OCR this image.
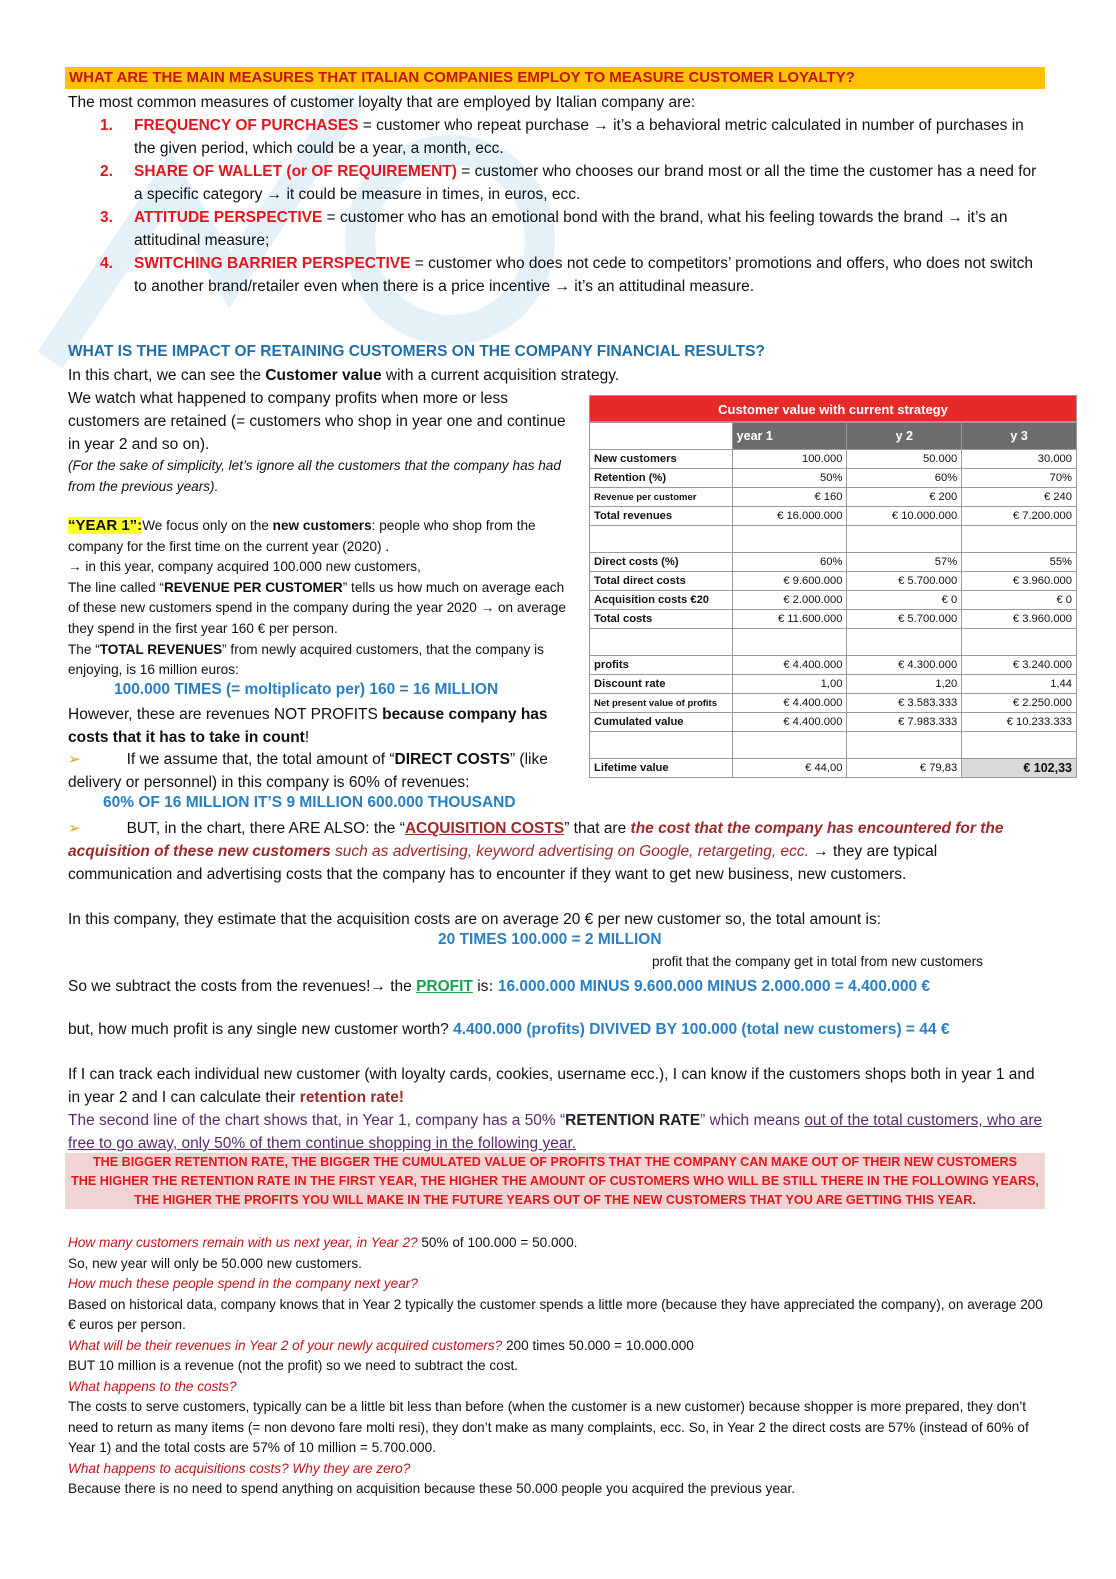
WHAT ARE THE MAIN MEASURES THAT ITALIAN COMPANIES EMPLOY TO MEASURE CUSTOMER LOYALTY?
The most common measures of customer loyalty that are employed by Italian company are:
1. FREQUENCY OF PURCHASES = customer who repeat purchase → it’s a behavioral metric calculated in number of purchases in the given period, which could be a year, a month, ecc.
2. SHARE OF WALLET (or OF REQUIREMENT) = customer who chooses our brand most or all the time the customer has a need for a specific category → it could be measure in times, in euros, ecc.
3. ATTITUDE PERSPECTIVE = customer who has an emotional bond with the brand, what his feeling towards the brand → it’s an attitudinal measure;
4. SWITCHING BARRIER PERSPECTIVE = customer who does not cede to competitors’ promotions and offers, who does not switch to another brand/retailer even when there is a price incentive → it’s an attitudinal measure.
WHAT IS THE IMPACT OF RETAINING CUSTOMERS ON THE COMPANY FINANCIAL RESULTS?
In this chart, we can see the Customer value with a current acquisition strategy.
We watch what happened to company profits when more or less customers are retained (= customers who shop in year one and continue in year 2 and so on).
(For the sake of simplicity, let’s ignore all the customers that the company has had from the previous years).
“YEAR 1”:We focus only on the new customers: people who shop from the company for the first time on the current year (2020) .
→ in this year, company acquired 100.000 new customers,
The line called “REVENUE PER CUSTOMER” tells us how much on average each of these new customers spend in the company during the year 2020 → on average they spend in the first year 160 € per person.
The “TOTAL REVENUES” from newly acquired customers, that the company is enjoying, is 16 million euros:
100.000 TIMES (= moltiplicato per) 160 = 16 MILLION
However, these are revenues NOT PROFITS because company has costs that it has to take in count!
➢	If we assume that, the total amount of “DIRECT COSTS” (like delivery or personnel) in this company is 60% of revenues:
60% OF 16 MILLION IT’S 9 MILLION 600.000 THOUSAND
➢	BUT, in the chart, there ARE ALSO: the “ACQUISITION COSTS” that are the cost that the company has encountered for the acquisition of these new customers such as advertising, keyword advertising on Google, retargeting, ecc. → they are typical communication and advertising costs that the company has to encounter if they want to get new business, new customers.
In this company, they estimate that the acquisition costs are on average 20 € per new customer so, the total amount is:
20 TIMES 100.000 = 2 MILLION
profit that the company get in total from new customers
So we subtract the costs from the revenues!→ the PROFIT is: 16.000.000 MINUS 9.600.000 MINUS 2.000.000 = 4.400.000 €
but, how much profit is any single new customer worth? 4.400.000 (profits) DIVIVED BY 100.000 (total new customers) = 44 €
If I can track each individual new customer (with loyalty cards, cookies, username ecc.), I can know if the customers shops both in year 1 and in year 2 and I can calculate their retention rate!
The second line of the chart shows that, in Year 1, company has a 50% “RETENTION RATE” which means out of the total customers, who are free to go away, only 50% of them continue shopping in the following year.
THE BIGGER RETENTION RATE, THE BIGGER THE CUMULATED VALUE OF PROFITS THAT THE COMPANY CAN MAKE OUT OF THEIR NEW CUSTOMERS
THE HIGHER THE RETENTION RATE IN THE FIRST YEAR, THE HIGHER THE AMOUNT OF CUSTOMERS WHO WILL BE STILL THERE IN THE FOLLOWING YEARS, THE HIGHER THE PROFITS YOU WILL MAKE IN THE FUTURE YEARS OUT OF THE NEW CUSTOMERS THAT YOU ARE GETTING THIS YEAR.
How many customers remain with us next year, in Year 2? 50% of 100.000 = 50.000.
So, new year will only be 50.000 new customers.
How much these people spend in the company next year?
Based on historical data, company knows that in Year 2 typically the customer spends a little more (because they have appreciated the company), on average 200 € euros per person.
What will be their revenues in Year 2 of your newly acquired customers? 200 times 50.000 = 10.000.000
BUT 10 million is a revenue (not the profit) so we need to subtract the cost.
What happens to the costs?
The costs to serve customers, typically can be a little bit less than before (when the customer is a new customer) because shopper is more prepared, they don’t need to return as many items (= non devono fare molti resi), they don’t make as many complaints, ecc. So, in Year 2 the direct costs are 57% (instead of 60% of Year 1) and the total costs are 57% of 10 million = 5.700.000.
What happens to acquisitions costs? Why they are zero?
Because there is no need to spend anything on acquisition because these 50.000 people you acquired the previous year.
Customer value with current strategy
	year 1	y 2	y 3
New customers	100.000	50.000	30.000
Retention (%)	50%	60%	70%
Revenue per customer	€ 160	€ 200	€ 240
Total revenues	€ 16.000.000	€ 10.000.000	€ 7.200.000

Direct costs (%)	60%	57%	55%
Total direct costs	€ 9.600.000	€ 5.700.000	€ 3.960.000
Acquisition costs €20	€ 2.000.000	€ 0	€ 0
Total costs	€ 11.600.000	€ 5.700.000	€ 3.960.000

profits	€ 4.400.000	€ 4.300.000	€ 3.240.000
Discount rate	1,00	1,20	1,44
Net present value of profits	€ 4.400.000	€ 3.583.333	€ 2.250.000
Cumulated value	€ 4.400.000	€ 7.983.333	€ 10.233.333

Lifetime value	€ 44,00	€ 79,83	€ 102,33
